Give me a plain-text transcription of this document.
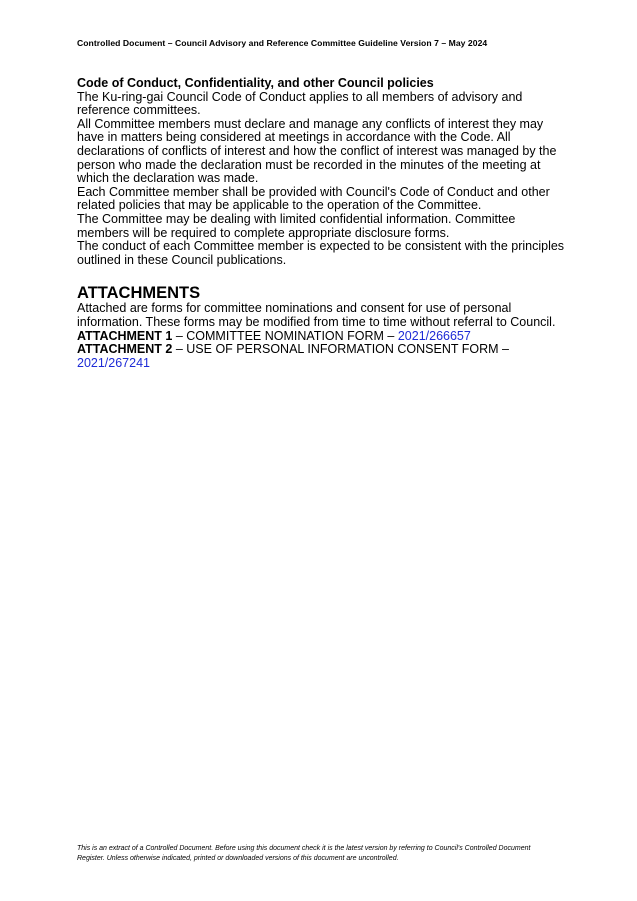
Controlled Document – Council Advisory and Reference Committee Guideline Version 7 – May 2024

Code of Conduct, Confidentiality, and other Council policies

The Ku-ring-gai Council Code of Conduct applies to all members of advisory and reference committees.

All Committee members must declare and manage any conflicts of interest they may have in matters being considered at meetings in accordance with the Code. All declarations of conflicts of interest and how the conflict of interest was managed by the person who made the declaration must be recorded in the minutes of the meeting at which the declaration was made.

Each Committee member shall be provided with Council's Code of Conduct and other related policies that may be applicable to the operation of the Committee.

The Committee may be dealing with limited confidential information. Committee members will be required to complete appropriate disclosure forms.

The conduct of each Committee member is expected to be consistent with the principles outlined in these Council publications.

ATTACHMENTS

Attached are forms for committee nominations and consent for use of personal information. These forms may be modified from time to time without referral to Council.

ATTACHMENT 1 – COMMITTEE NOMINATION FORM – 2021/266657

ATTACHMENT 2 – USE OF PERSONAL INFORMATION CONSENT FORM – 2021/267241

This is an extract of a Controlled Document. Before using this document check it is the latest version by referring to Council's Controlled Document Register. Unless otherwise indicated, printed or downloaded versions of this document are uncontrolled.
